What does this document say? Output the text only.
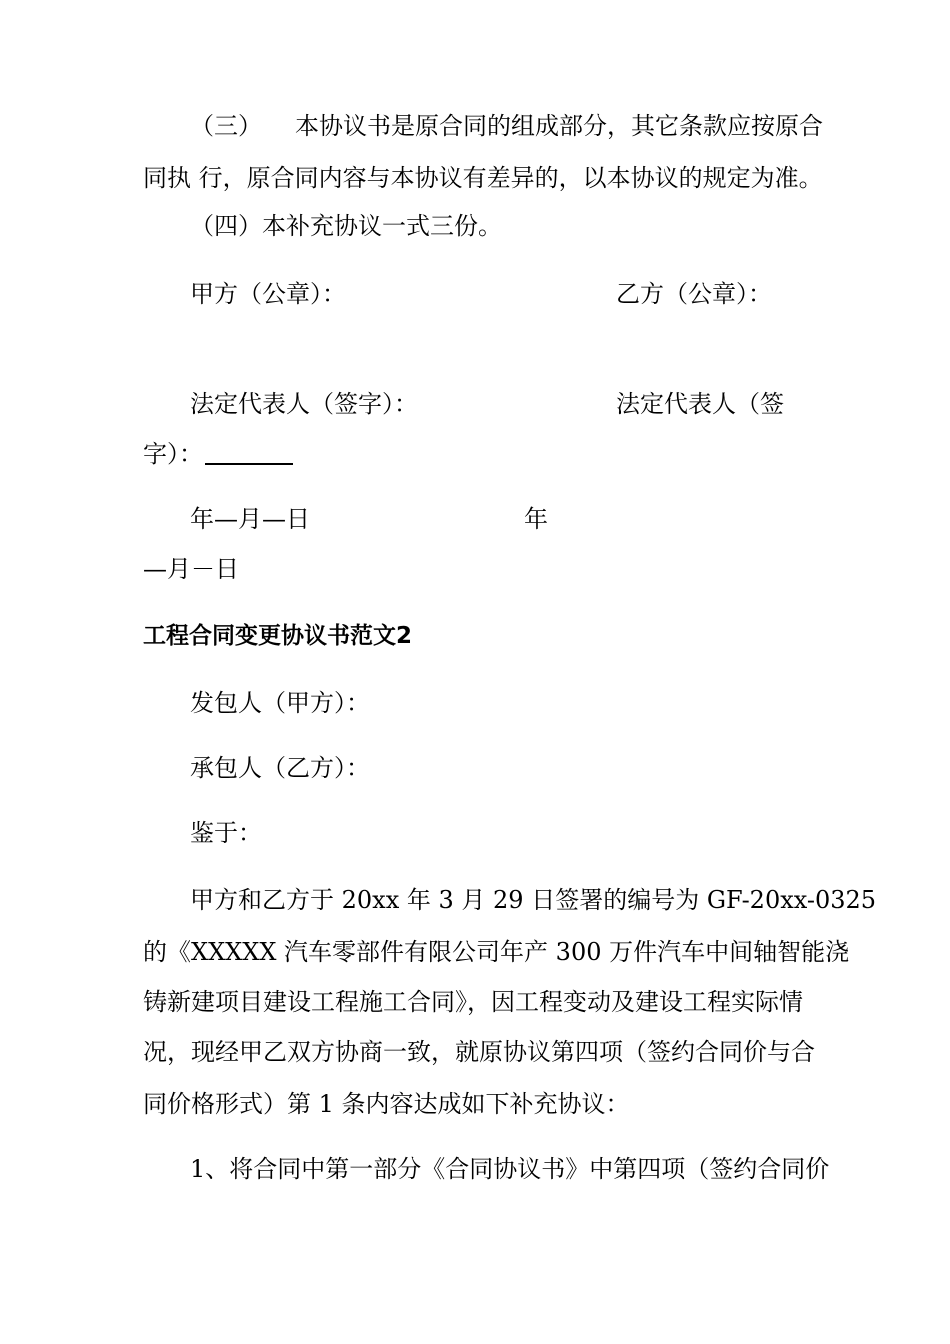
（三） 本协议书是原合同的组成部分，其它条款应按原合

同执 行，原合同内容与本协议有差异的，以本协议的规定为准。

（四）本补充协议一式三份。

甲方（公章）：	乙方（公章）：

法定代表人（签字）：	法定代表人（签

字）：

年—月—日	年

—月－日

工程合同变更协议书范文2

发包人（甲方）：

承包人（乙方）：

鉴于：

甲方和乙方于 20xx 年 3 月 29 日签署的编号为 GF-20xx-0325

的《XXXXX 汽车零部件有限公司年产 300 万件汽车中间轴智能浇

铸新建项目建设工程施工合同》，因工程变动及建设工程实际情

况，现经甲乙双方协商一致，就原协议第四项（签约合同价与合

同价格形式）第 1 条内容达成如下补充协议：

1、将合同中第一部分《合同协议书》中第四项（签约合同价
